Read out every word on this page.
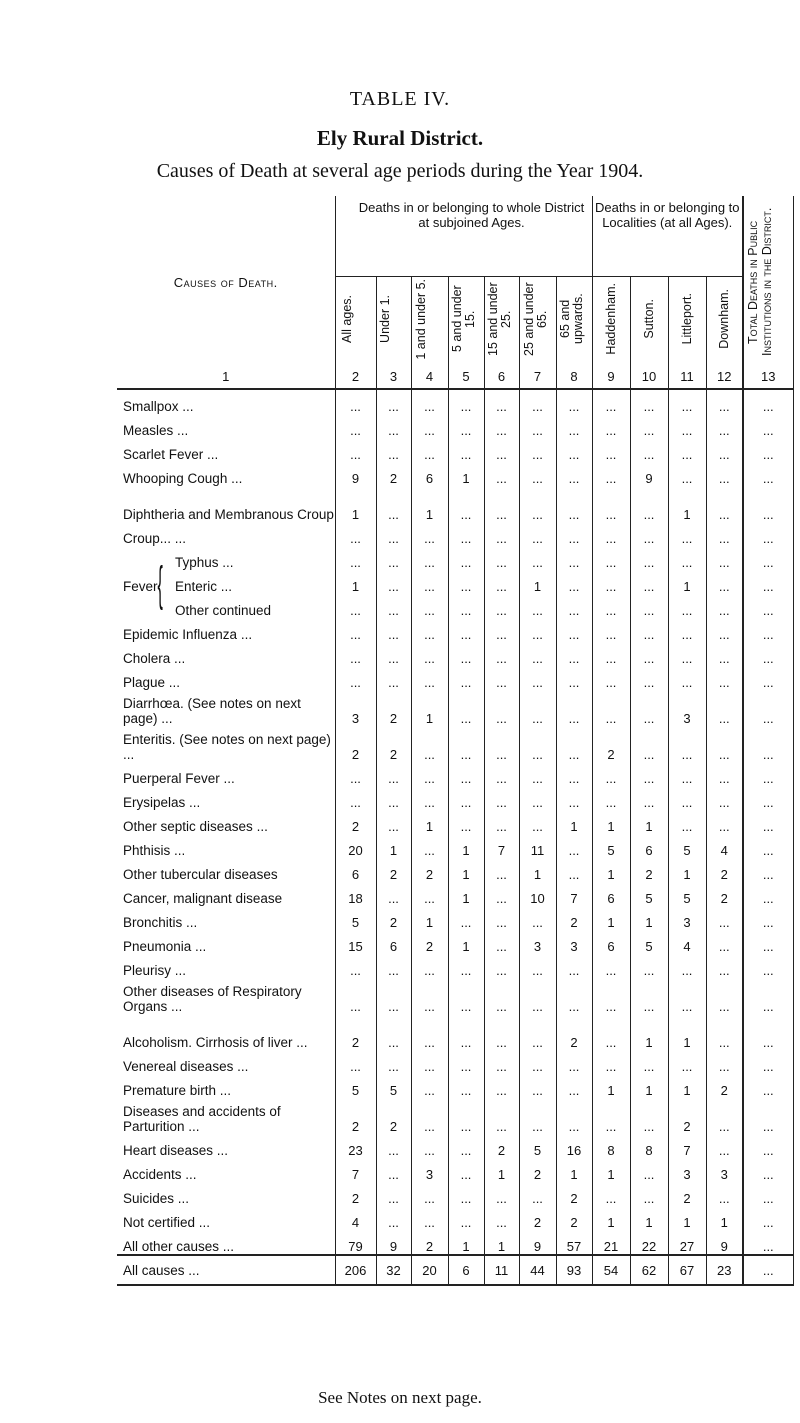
TABLE IV.
Ely Rural District.
Causes of Death at several age periods during the Year 1904.
Causes of Death.	Deaths in or belonging to whole District at subjoined Ages.							Deaths in or belonging to Localities (at all Ages).				Total Deaths in Public Institutions in the District.
	All ages.	Under 1.	1 and under 5.	5 and under 15.	15 and under 25.	25 and under 65.	65 and upwards.	Haddenham.	Sutton.	Littleport.	Downham.	
1	2	3	4	5	6	7	8	9	10	11	12	13
Smallpox ...	...	...	...	...	...	...	...	...	...	...	...	...
Measles ...	...	...	...	...	...	...	...	...	...	...	...	...
Scarlet Fever ...	...	...	...	...	...	...	...	...	...	...	...	...
Whooping Cough ...	9	2	6	1	...	...	...	...	9	...	...	...
Diphtheria and Membranous Croup	1	...	1	...	...	...	...	...	...	1	...	...
Croup... ...	...	...	...	...	...	...	...	...	...	...	...	...
Typhus ...	...	...	...	...	...	...	...	...	...	...	...	...
Fever{ Enteric ...	1	...	...	...	...	1	...	...	...	1	...	...
Other continued	...	...	...	...	...	...	...	...	...	...	...	...
Epidemic Influenza ...	...	...	...	...	...	...	...	...	...	...	...	...
Cholera ...	...	...	...	...	...	...	...	...	...	...	...	...
Plague ...	...	...	...	...	...	...	...	...	...	...	...	...
Diarrhœa. (See notes on next page) ...	3	2	1	...	...	...	...	...	...	3	...	...
Enteritis. (See notes on next page) ...	2	2	...	...	...	...	...	2	...	...	...	...
Puerperal Fever ...	...	...	...	...	...	...	...	...	...	...	...	...
Erysipelas ...	...	...	...	...	...	...	...	...	...	...	...	...
Other septic diseases ...	2	...	1	...	...	...	1	1	1	...	...	...
Phthisis ...	20	1	...	1	7	11	...	5	6	5	4	...
Other tubercular diseases	6	2	2	1	...	1	...	1	2	1	2	...
Cancer, malignant disease	18	...	...	1	...	10	7	6	5	5	2	...
Bronchitis ...	5	2	1	...	...	...	2	1	1	3	...	...
Pneumonia ...	15	6	2	1	...	3	3	6	5	4	...	...
Pleurisy ...	...	...	...	...	...	...	...	...	...	...	...	...
Other diseases of Respiratory Organs ...	...	...	...	...	...	...	...	...	...	...	...	...
Alcoholism. Cirrhosis of liver ...	2	...	...	...	...	...	2	...	1	1	...	...
Venereal diseases ...	...	...	...	...	...	...	...	...	...	...	...	...
Premature birth ...	5	5	...	...	...	...	...	1	1	1	2	...
Diseases and accidents of Parturition ...	2	2	...	...	...	...	...	...	...	2	...	...
Heart diseases ...	23	...	...	...	2	5	16	8	8	7	...	...
Accidents ...	7	...	3	...	1	2	1	1	...	3	3	...
Suicides ...	2	...	...	...	...	...	2	...	...	2	...	...
Not certified ...	4	...	...	...	...	2	2	1	1	1	1	...
All other causes ...	79	9	2	1	1	9	57	21	22	27	9	...
All causes ...	206	32	20	6	11	44	93	54	62	67	23	...
See Notes on next page.
